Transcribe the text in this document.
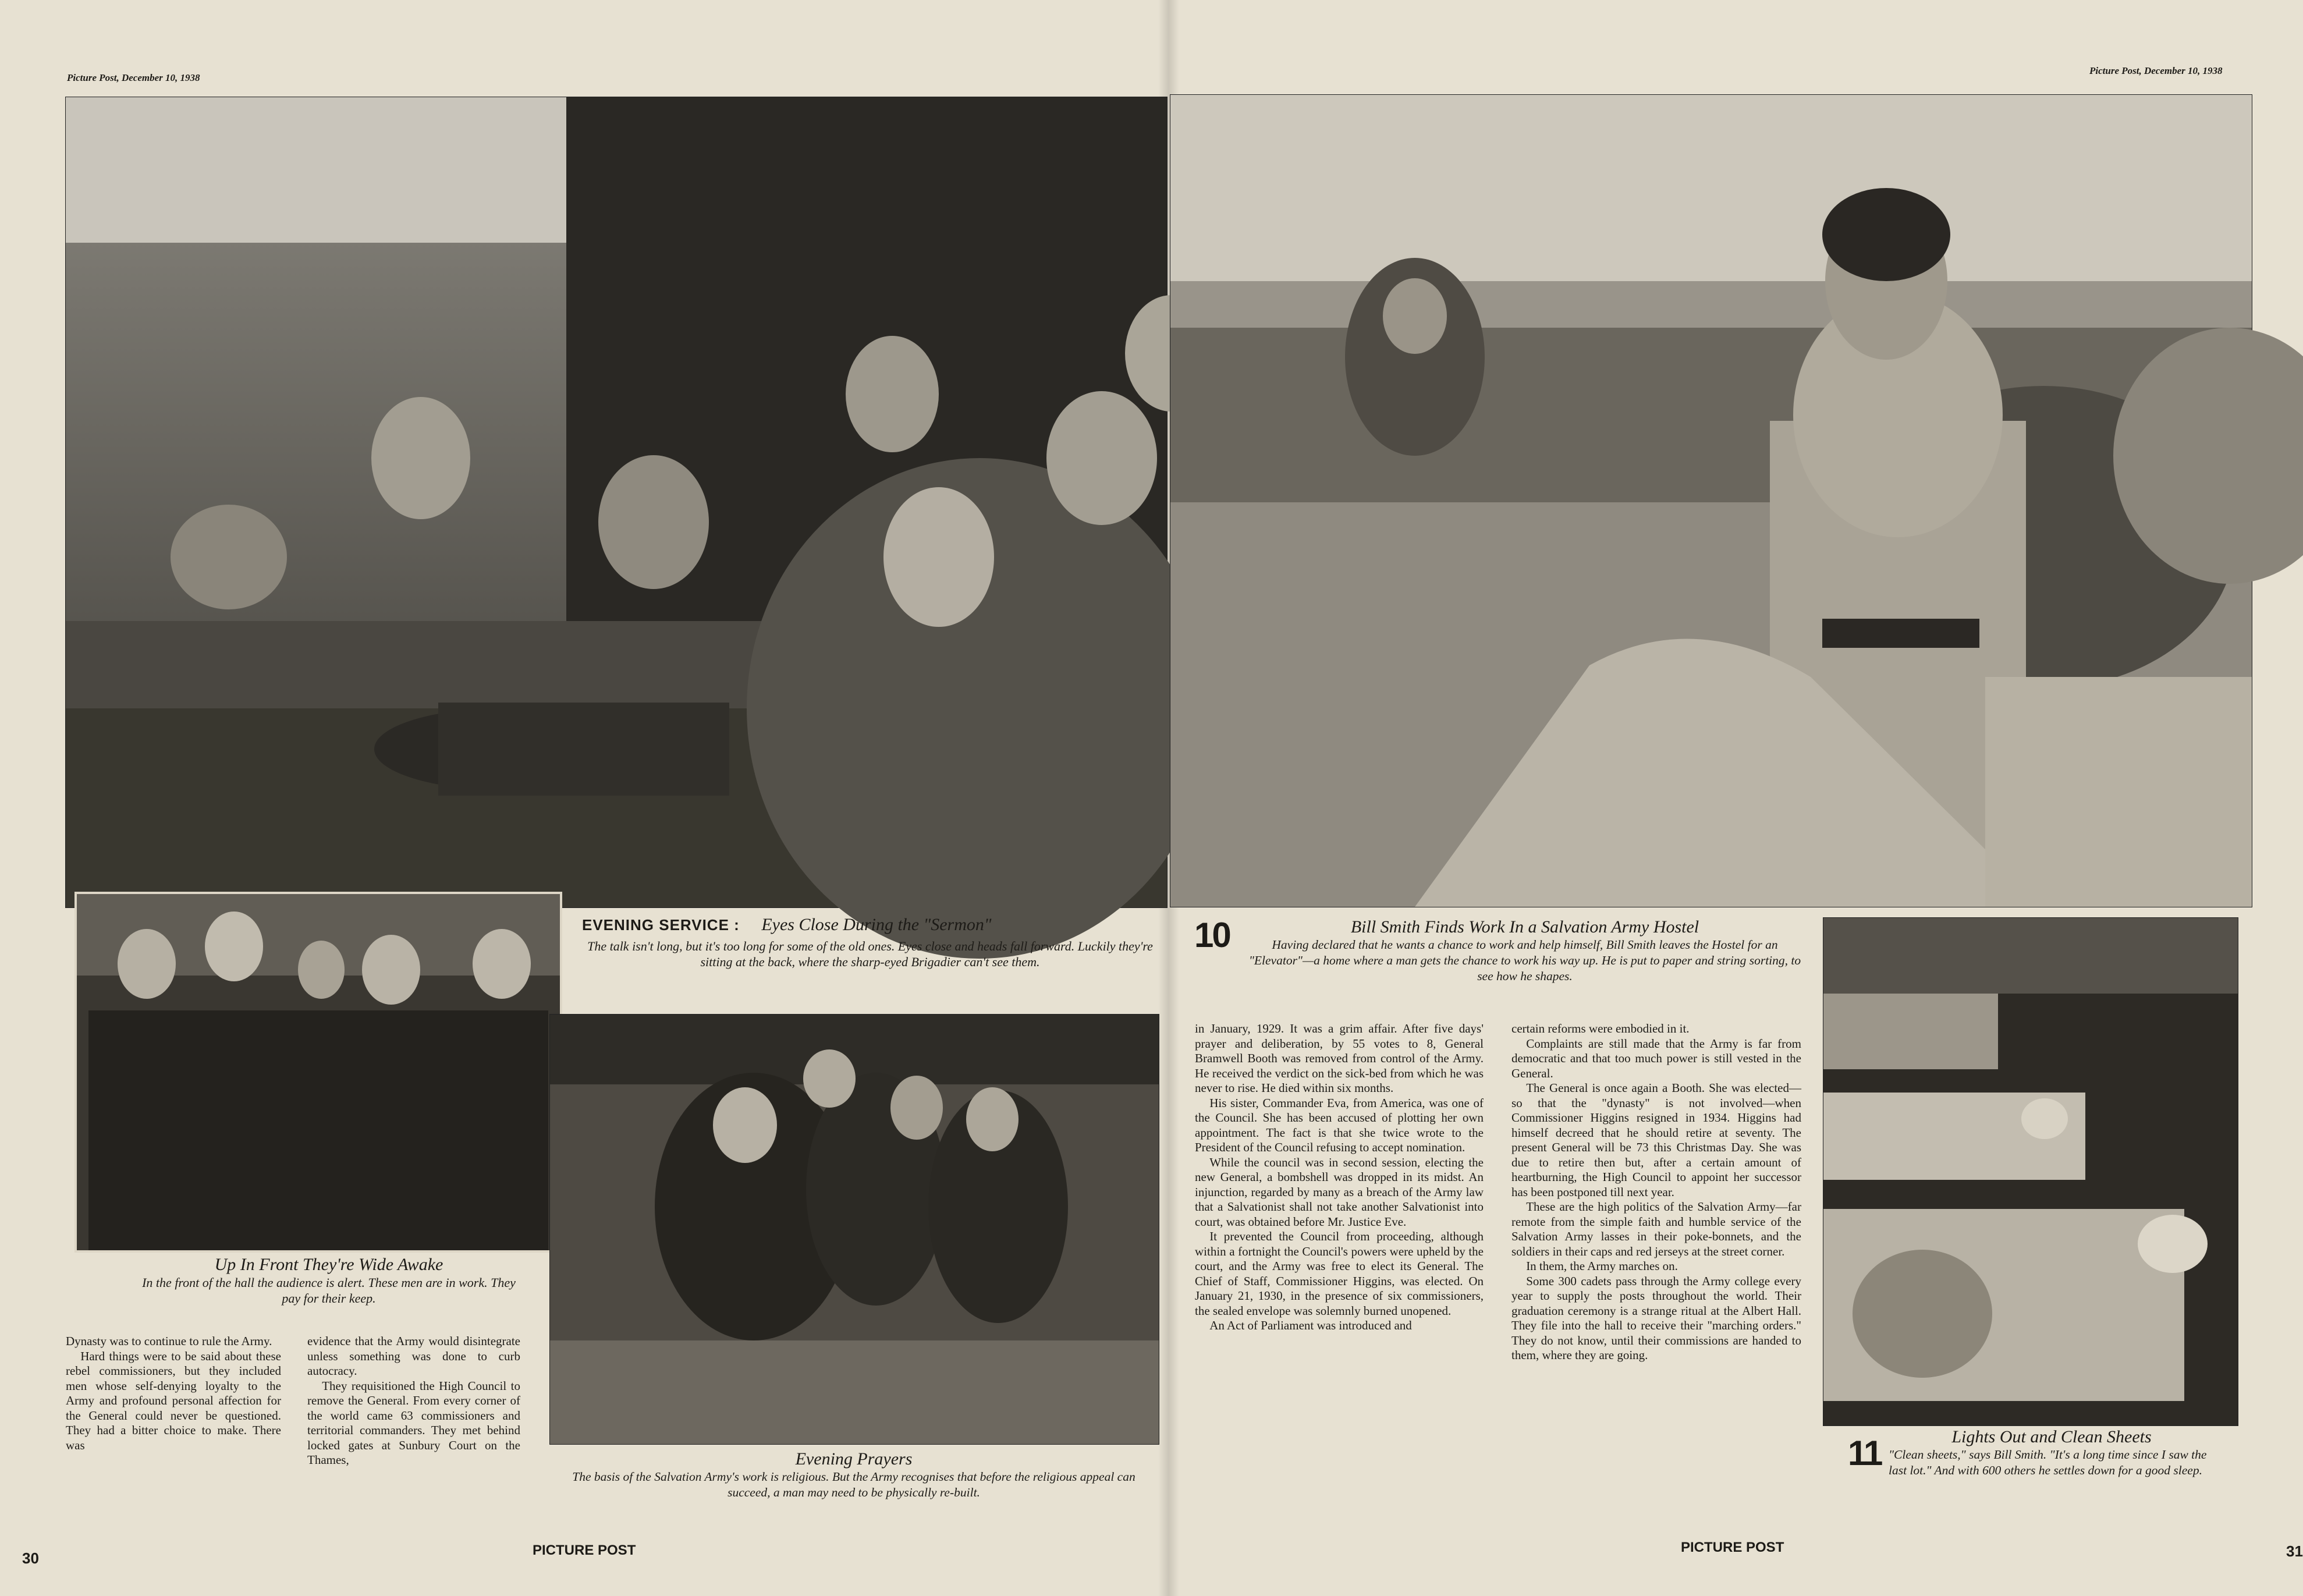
Picture Post, December 10, 1938
EVENING SERVICE : Eyes Close During the "Sermon"
The talk isn't long, but it's too long for some of the old ones. Eyes close and heads fall forward. Luckily they're sitting at the back, where the sharp-eyed Brigadier can't see them.
Up In Front They're Wide Awake
In the front of the hall the audience is alert. These men are in work. They pay for their keep.
Evening Prayers
The basis of the Salvation Army's work is religious. But the Army recognises that before the religious appeal can succeed, a man may need to be physically re-built.

Dynasty was to continue to rule the Army.

Hard things were to be said about these rebel commissioners, but they included men whose self-denying loyalty to the Army and profound personal affection for the General could never be questioned. They had a bitter choice to make. There was

evidence that the Army would disintegrate unless something was done to curb autocracy.

They requisitioned the High Council to remove the General. From every corner of the world came 63 commissioners and territorial commanders. They met behind locked gates at Sunbury Court on the Thames,

PICTURE POST
30
Picture Post, December 10, 1938
10	Bill Smith Finds Work In a Salvation Army Hostel
Having declared that he wants a chance to work and help himself, Bill Smith leaves the Hostel for an "Elevator"—a home where a man gets the chance to work his way up. He is put to paper and string sorting, to see how he shapes.
11	Lights Out and Clean Sheets
"Clean sheets," says Bill Smith. "It's a long time since I saw the last lot." And with 600 others he settles down for a good sleep.

in January, 1929. It was a grim affair. After five days' prayer and deliberation, by 55 votes to 8, General Bramwell Booth was removed from control of the Army. He received the verdict on the sick-bed from which he was never to rise. He died within six months.

His sister, Commander Eva, from America, was one of the Council. She has been accused of plotting her own appointment. The fact is that she twice wrote to the President of the Council refusing to accept nomination.

While the council was in second session, electing the new General, a bombshell was dropped in its midst. An injunction, regarded by many as a breach of the Army law that a Salvationist shall not take another Salvationist into court, was obtained before Mr. Justice Eve.

It prevented the Council from proceeding, although within a fortnight the Council's powers were upheld by the court, and the Army was free to elect its General. The Chief of Staff, Commissioner Higgins, was elected. On January 21, 1930, in the presence of six commissioners, the sealed envelope was solemnly burned unopened.

An Act of Parliament was introduced and

certain reforms were embodied in it.

Complaints are still made that the Army is far from democratic and that too much power is still vested in the General.

The General is once again a Booth. She was elected—so that the "dynasty" is not involved—when Commissioner Higgins resigned in 1934. Higgins had himself decreed that he should retire at seventy. The present General will be 73 this Christmas Day. She was due to retire then but, after a certain amount of heartburning, the High Council to appoint her successor has been postponed till next year.

These are the high politics of the Salvation Army—far remote from the simple faith and humble service of the Salvation Army lasses in their poke-bonnets, and the soldiers in their caps and red jerseys at the street corner.

In them, the Army marches on.

Some 300 cadets pass through the Army college every year to supply the posts throughout the world. Their graduation ceremony is a strange ritual at the Albert Hall. They file into the hall to receive their "marching orders." They do not know, until their commissions are handed to them, where they are going.

PICTURE POST	31
